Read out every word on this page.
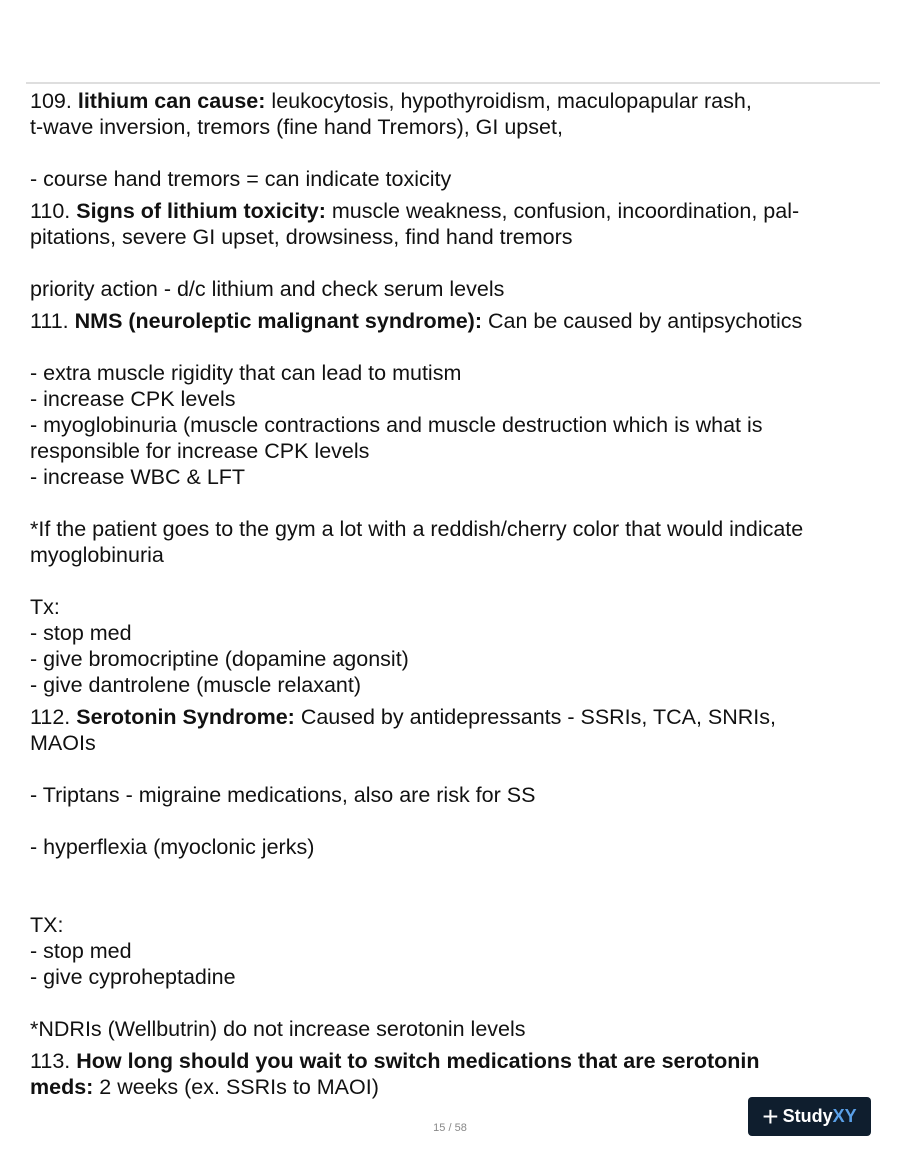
109. lithium can cause: leukocytosis, hypothyroidism, maculopapular rash,
t-wave inversion, tremors (fine hand Tremors), GI upset,
- course hand tremors = can indicate toxicity
110. Signs of lithium toxicity: muscle weakness, confusion, incoordination, pal-
pitations, severe GI upset, drowsiness, find hand tremors
priority action - d/c lithium and check serum levels
111. NMS (neuroleptic malignant syndrome): Can be caused by antipsychotics
- extra muscle rigidity that can lead to mutism
- increase CPK levels
- myoglobinuria (muscle contractions and muscle destruction which is what is
responsible for increase CPK levels
- increase WBC & LFT
*If the patient goes to the gym a lot with a reddish/cherry color that would indicate
myoglobinuria
Tx:
- stop med
- give bromocriptine (dopamine agonsit)
- give dantrolene (muscle relaxant)
112. Serotonin Syndrome: Caused by antidepressants - SSRIs, TCA, SNRIs,
MAOIs
- Triptans - migraine medications, also are risk for SS
- hyperflexia (myoclonic jerks)
TX:
- stop med
- give cyproheptadine
*NDRIs (Wellbutrin) do not increase serotonin levels
113. How long should you wait to switch medications that are serotonin
meds: 2 weeks (ex. SSRIs to MAOI)
15 / 58	+ Study XY
